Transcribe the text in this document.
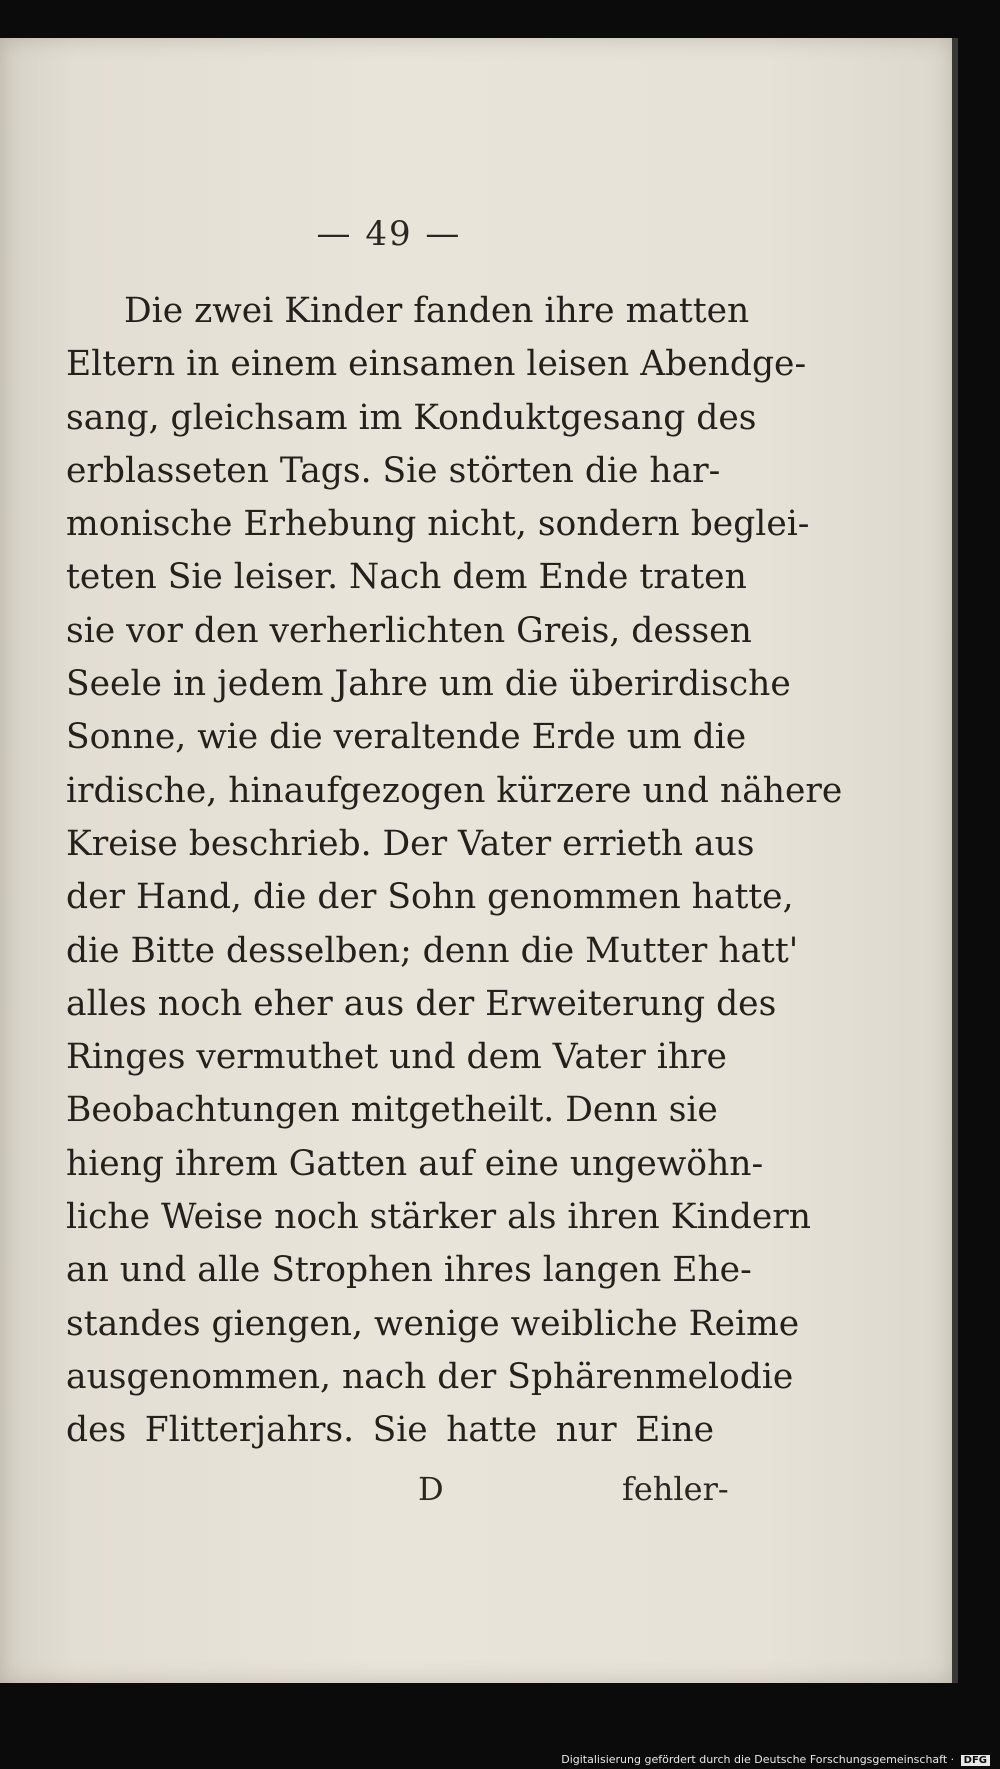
— 49 —
Die zwei Kinder fanden ihre matten
Eltern in einem einsamen leisen Abendge-
sang, gleichsam im Konduktgesang des
erblasseten Tags. Sie störten die har-
monische Erhebung nicht, sondern beglei-
teten Sie leiser. Nach dem Ende traten
sie vor den verherlichten Greis, dessen
Seele in jedem Jahre um die überirdische
Sonne, wie die veraltende Erde um die
irdische, hinaufgezogen kürzere und nähere
Kreise beschrieb. Der Vater errieth aus
der Hand, die der Sohn genommen hatte,
die Bitte desselben; denn die Mutter hatt'
alles noch eher aus der Erweiterung des
Ringes vermuthet und dem Vater ihre
Beobachtungen mitgetheilt. Denn sie
hieng ihrem Gatten auf eine ungewöhn-
liche Weise noch stärker als ihren Kindern
an und alle Strophen ihres langen Ehe-
standes giengen, wenige weibliche Reime
ausgenommen, nach der Sphärenmelodie
des Flitterjahrs. Sie hatte nur Eine
D	fehler-
Digitalisierung gefördert durch die Deutsche Forschungsgemeinschaft · DFG
